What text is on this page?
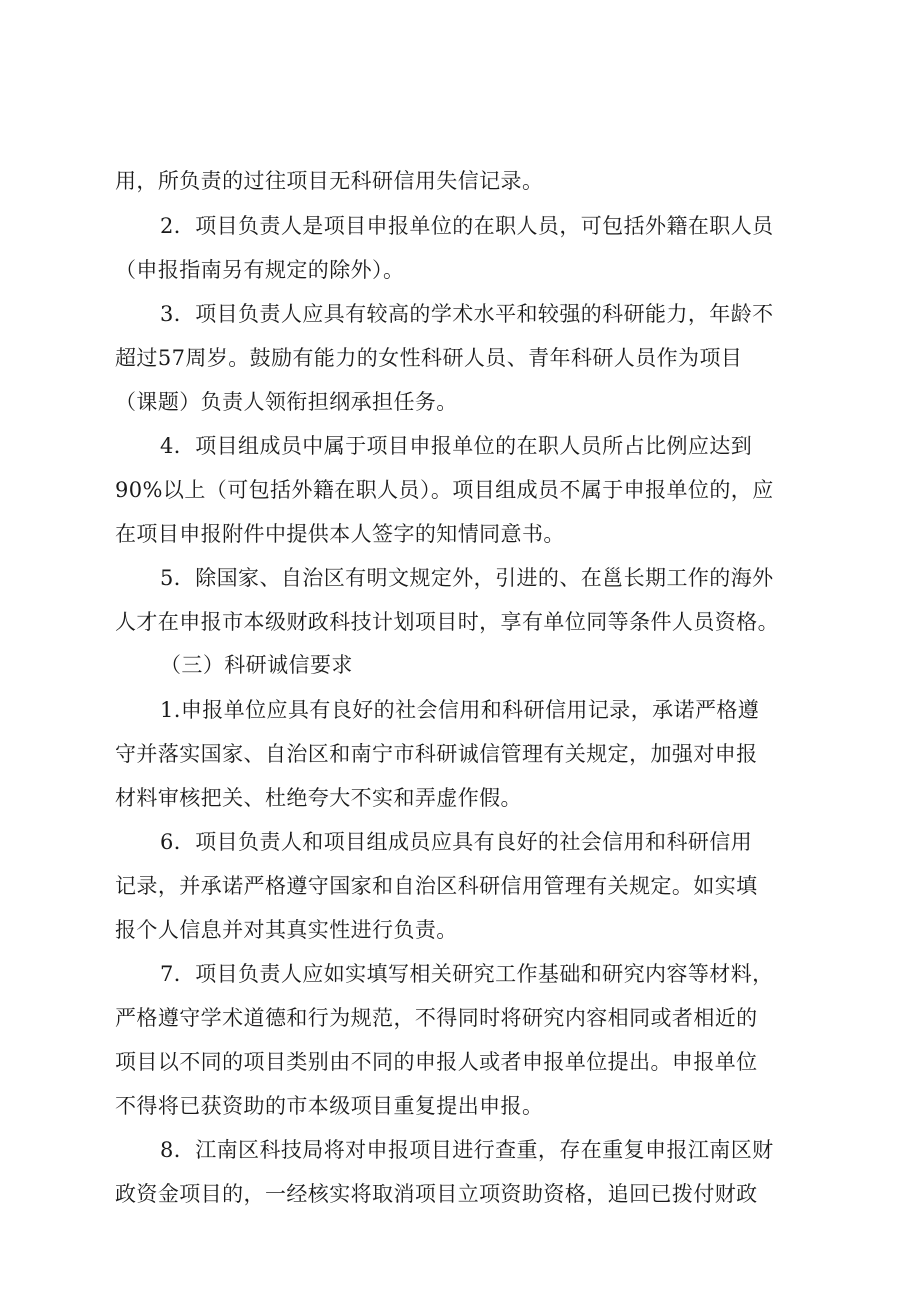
用，所负责的过往项目无科研信用失信记录。
2．项目负责人是项目申报单位的在职人员，可包括外籍在职人员
（申报指南另有规定的除外）。
3．项目负责人应具有较高的学术水平和较强的科研能力，年龄不
超过57周岁。鼓励有能力的女性科研人员、青年科研人员作为项目
（课题）负责人领衔担纲承担任务。
4．项目组成员中属于项目申报单位的在职人员所占比例应达到
90%以上（可包括外籍在职人员）。项目组成员不属于申报单位的，应
在项目申报附件中提供本人签字的知情同意书。
5．除国家、自治区有明文规定外，引进的、在邕长期工作的海外
人才在申报市本级财政科技计划项目时，享有单位同等条件人员资格。
（三）科研诚信要求
1.申报单位应具有良好的社会信用和科研信用记录，承诺严格遵
守并落实国家、自治区和南宁市科研诚信管理有关规定，加强对申报
材料审核把关、杜绝夸大不实和弄虚作假。
6．项目负责人和项目组成员应具有良好的社会信用和科研信用
记录，并承诺严格遵守国家和自治区科研信用管理有关规定。如实填
报个人信息并对其真实性进行负责。
7．项目负责人应如实填写相关研究工作基础和研究内容等材料，
严格遵守学术道德和行为规范，不得同时将研究内容相同或者相近的
项目以不同的项目类别由不同的申报人或者申报单位提出。申报单位
不得将已获资助的市本级项目重复提出申报。
8．江南区科技局将对申报项目进行查重，存在重复申报江南区财
政资金项目的，一经核实将取消项目立项资助资格，追回已拨付财政
